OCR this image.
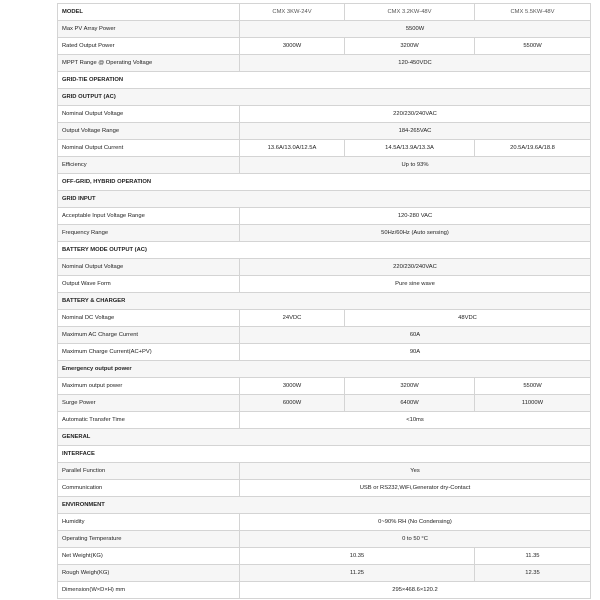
MODEL	CMX 3KW-24V	CMX 3.2KW-48V	CMX 5.5KW-48V
Max PV Array Power	5500W		
Rated Output Power	3000W	3200W	5500W
MPPT Range @ Operating Voltage	120-450VDC		
GRID-TIE OPERATION			
GRID OUTPUT (AC)			
Nominal Output Voltage	220/230/240VAC		
Output Voltage Range	184-265VAC		
Nominal Output Current	13.6A/13.0A/12.5A	14.5A/13.9A/13.3A	20.5A/19.6A/18.8
Efficiency	Up to 93%		
OFF-GRID, HYBRID OPERATION			
GRID INPUT			
Acceptable Input Voltage Range	120-280 VAC		
Frequency Range	50Hz/60Hz (Auto sensing)		
BATTERY MODE OUTPUT (AC)			
Nominal Output Voltage	220/230/240VAC		
Output Wave Form	Pure sine wave		
BATTERY & CHARGER			
Nominal DC Voltage	24VDC	48VDC	
Maximum AC Charge Current	60A		
Maximum Charge Current(AC+PV)	90A		
Emergency output power			
Maximum output power	3000W	3200W	5500W
Surge Power	6000W	6400W	11000W
Automatic Transfer Time	<10ms		
GENERAL			
INTERFACE			
Parallel Function	Yes		
Communication	USB or RS232,WiFi,Generator dry-Contact		
ENVIRONMENT			
Humidity	0~90% RH (No Condensing)		
Operating Temperature	0 to 50 °C		
Net Weight(KG)	10.35		11.35
Rough Weigh(KG)	11.25		12.35
Dimension(W×D×H) mm	295×468.6×120.2		
